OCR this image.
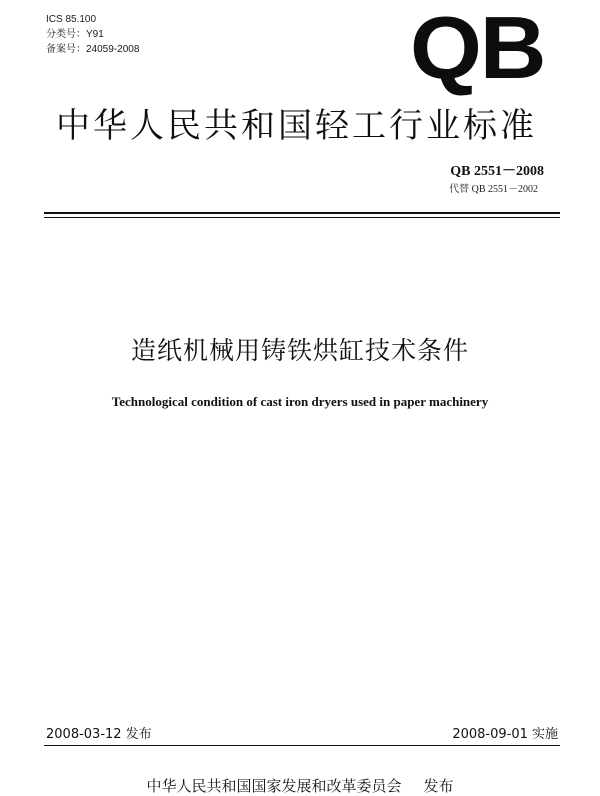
ICS 85.100
分类号：Y91
备案号：24059-2008	QB
中华人民共和国轻工行业标准
QB 2551－2008
代替 QB 2551－2002
造纸机械用铸铁烘缸技术条件
Technological condition of cast iron dryers used in paper machinery
2008-03-12 发布	2008-09-01 实施
中华人民共和国国家发展和改革委员会 发布
